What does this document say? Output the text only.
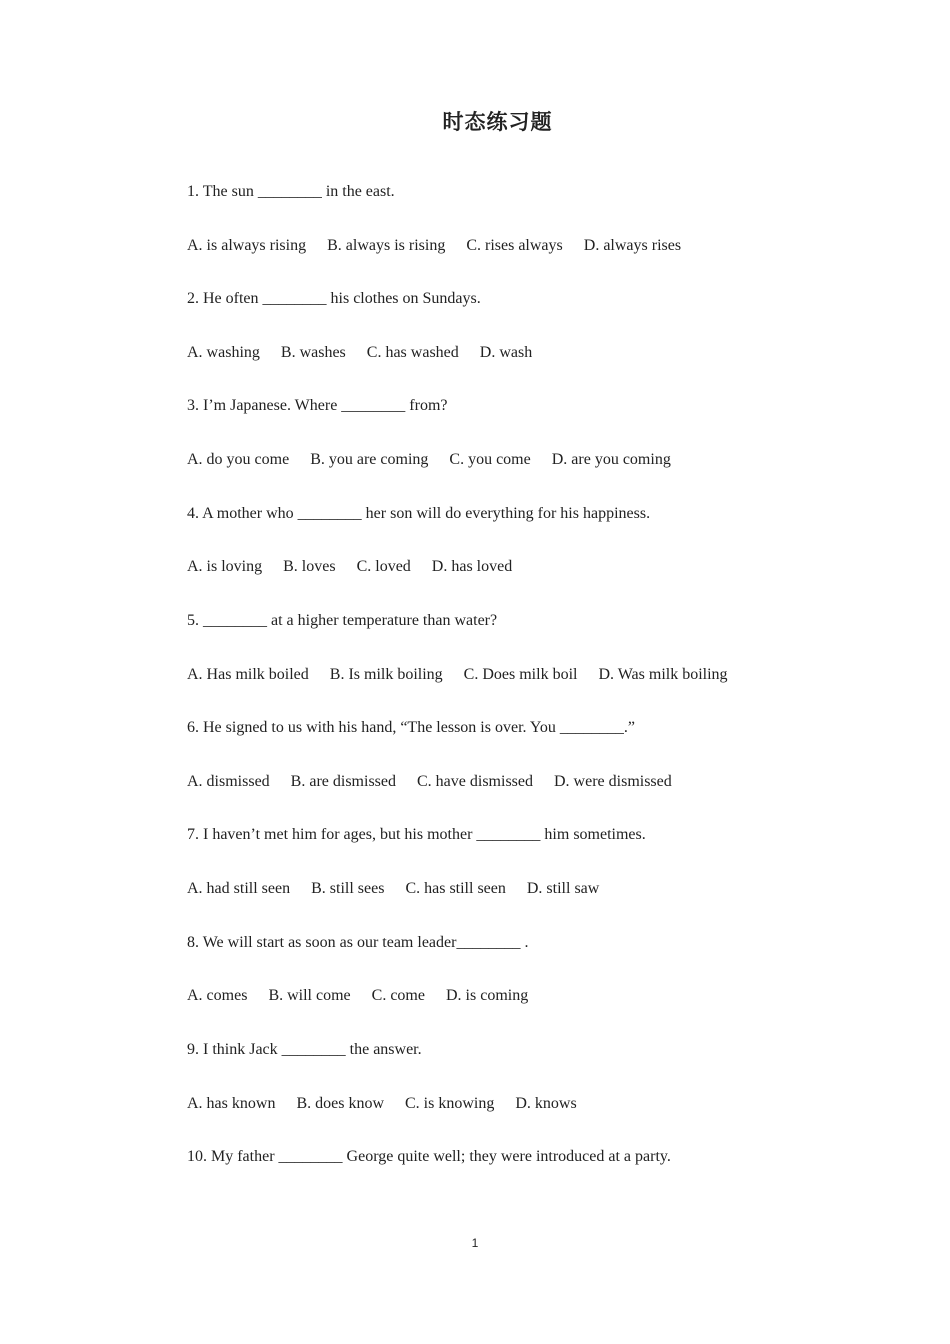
时态练习题
1. The sun ________ in the east.
A. is always rising B. always is rising C. rises always D. always rises
2. He often ________ his clothes on Sundays.
A. washing B. washes C. has washed D. wash
3. I’m Japanese. Where ________ from?
A. do you come B. you are coming C. you come D. are you coming
4. A mother who ________ her son will do everything for his happiness.
A. is loving B. loves C. loved D. has loved
5. ________ at a higher temperature than water?
A. Has milk boiled B. Is milk boiling C. Does milk boil D. Was milk boiling
6. He signed to us with his hand, “The lesson is over. You ________.”
A. dismissed B. are dismissed C. have dismissed D. were dismissed
7. I haven’t met him for ages, but his mother ________ him sometimes.
A. had still seen B. still sees C. has still seen D. still saw
8. We will start as soon as our team leader________ .
A. comes B. will come C. come D. is coming
9. I think Jack ________ the answer.
A. has known B. does know C. is knowing D. knows
10. My father ________ George quite well; they were introduced at a party.
1
